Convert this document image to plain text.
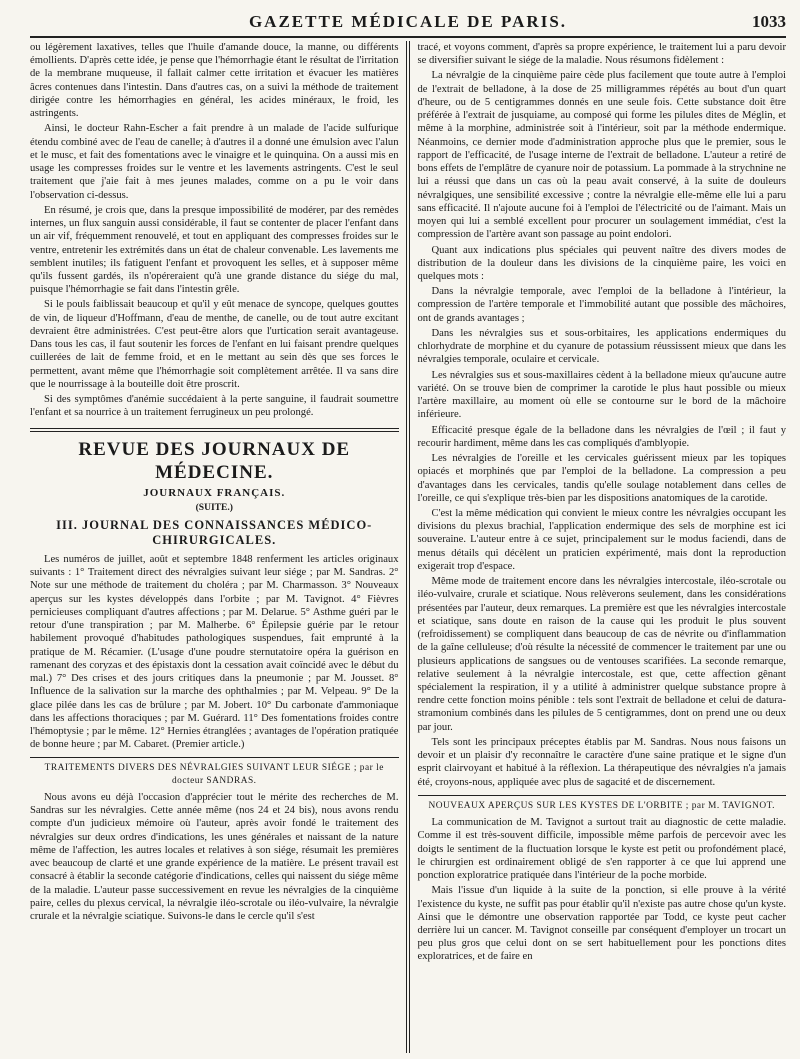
GAZETTE MÉDICALE DE PARIS.	1033

ou légèrement laxatives, telles que l'huile d'amande douce, la manne, ou différents émollients. D'après cette idée, je pense que l'hémorrhagie étant le résultat de l'irritation de la membrane muqueuse, il fallait calmer cette irritation et évacuer les matières âcres contenues dans l'intestin. Dans d'autres cas, on a suivi la méthode de traitement dirigée contre les hémorrhagies en général, les acides minéraux, le froid, les astringents.

Ainsi, le docteur Rahn-Escher a fait prendre à un malade de l'acide sulfurique étendu combiné avec de l'eau de canelle; à d'autres il a donné une émulsion avec l'alun et le musc, et fait des fomentations avec le vinaigre et le quinquina. On a aussi mis en usage les compresses froides sur le ventre et les lavements astringents. C'est le seul traitement que j'aie fait à mes jeunes malades, comme on a pu le voir dans l'observation ci-dessus.

En résumé, je crois que, dans la presque impossibilité de modérer, par des remèdes internes, un flux sanguin aussi considérable, il faut se contenter de placer l'enfant dans un air vif, fréquemment renouvelé, et tout en appliquant des compresses froides sur le ventre, entretenir les extrémités dans un état de chaleur convenable. Les lavements me semblent inutiles; ils fatiguent l'enfant et provoquent les selles, et à supposer même qu'ils fussent gardés, ils n'opéreraient qu'à une grande distance du siége du mal, puisque l'hémorrhagie se fait dans l'intestin grêle.

Si le pouls faiblissait beaucoup et qu'il y eût menace de syncope, quelques gouttes de vin, de liqueur d'Hoffmann, d'eau de menthe, de canelle, ou de tout autre excitant devraient être administrées. C'est peut-être alors que l'urtication serait avantageuse. Dans tous les cas, il faut soutenir les forces de l'enfant en lui faisant prendre quelques cuillerées de lait de femme froid, et en le mettant au sein dès que ses forces le permettent, avant même que l'hémorrhagie soit complètement arrêtée. Il va sans dire que le nourrissage à la bouteille doit être proscrit.

Si des symptômes d'anémie succédaient à la perte sanguine, il faudrait soumettre l'enfant et sa nourrice à un traitement ferrugineux un peu prolongé.

REVUE DES JOURNAUX DE MÉDECINE.
JOURNAUX FRANÇAIS.
(SUITE.)
III. JOURNAL DES CONNAISSANCES MÉDICO-CHIRURGICALES.

Les numéros de juillet, août et septembre 1848 renferment les articles originaux suivants : 1° Traitement direct des névralgies suivant leur siége ; par M. Sandras. 2° Note sur une méthode de traitement du choléra ; par M. Charmasson. 3° Nouveaux aperçus sur les kystes développés dans l'orbite ; par M. Tavignot. 4° Fièvres pernicieuses compliquant d'autres affections ; par M. Delarue. 5° Asthme guéri par le retour d'une transpiration ; par M. Malherbe. 6° Épilepsie guérie par le retour habilement provoqué d'habitudes pathologiques suspendues, fait emprunté à la pratique de M. Récamier. (L'usage d'une poudre sternutatoire opéra la guérison en ramenant des coryzas et des épistaxis dont la cessation avait coïncidé avec le début du mal.) 7° Des crises et des jours critiques dans la pneumonie ; par M. Jousset. 8° Influence de la salivation sur la marche des ophthalmies ; par M. Velpeau. 9° De la glace pilée dans les cas de brûlure ; par M. Jobert. 10° Du carbonate d'ammoniaque dans les affections thoraciques ; par M. Guérard. 11° Des fomentations froides contre l'hémoptysie ; par le même. 12° Hernies étranglées ; avantages de l'opération pratiquée de bonne heure ; par M. Cabaret. (Premier article.)

TRAITEMENTS DIVERS DES NÉVRALGIES SUIVANT LEUR SIÉGE ; par le docteur SANDRAS.

Nous avons eu déjà l'occasion d'apprécier tout le mérite des recherches de M. Sandras sur les névralgies. Cette année même (nos 24 et 24 bis), nous avons rendu compte d'un judicieux mémoire où l'auteur, après avoir fondé le traitement des névralgies sur deux ordres d'indications, les unes générales et naissant de la nature même de l'affection, les autres locales et relatives à son siége, résumait les premières avec beaucoup de clarté et une grande expérience de la matière. Le présent travail est consacré à établir la seconde catégorie d'indications, celles qui naissent du siége même de la maladie. L'auteur passe successivement en revue les névralgies de la cinquième paire, celles du plexus cervical, la névralgie iléo-scrotale ou iléo-vulvaire, la névralgie crurale et la névralgie sciatique. Suivons-le dans le cercle qu'il s'est

tracé, et voyons comment, d'après sa propre expérience, le traitement lui a paru devoir se diversifier suivant le siége de la maladie. Nous résumons fidèlement :

La névralgie de la cinquième paire cède plus facilement que toute autre à l'emploi de l'extrait de belladone, à la dose de 25 milligrammes répétés au bout d'un quart d'heure, ou de 5 centigrammes donnés en une seule fois. Cette substance doit être préférée à l'extrait de jusquiame, au composé qui forme les pilules dites de Méglin, et même à la morphine, administrée soit à l'intérieur, soit par la méthode endermique. Néanmoins, ce dernier mode d'administration approche plus que le premier, sous le rapport de l'efficacité, de l'usage interne de l'extrait de belladone. L'auteur a retiré de bons effets de l'emplâtre de cyanure noir de potassium. La pommade à la strychnine ne lui a réussi que dans un cas où la peau avait conservé, à la suite de douleurs névralgiques, une sensibilité excessive ; contre la névralgie elle-même elle lui a paru sans efficacité. Il n'ajoute aucune foi à l'emploi de l'électricité ou de l'aimant. Mais un moyen qui lui a semblé excellent pour procurer un soulagement immédiat, c'est la compression de l'artère avant son passage au point endolori.

Quant aux indications plus spéciales qui peuvent naître des divers modes de distribution de la douleur dans les divisions de la cinquième paire, les voici en quelques mots :

Dans la névralgie temporale, avec l'emploi de la belladone à l'intérieur, la compression de l'artère temporale et l'immobilité autant que possible des mâchoires, ont de grands avantages ;

Dans les névralgies sus et sous-orbitaires, les applications endermiques du chlorhydrate de morphine et du cyanure de potassium réussissent mieux que dans les névralgies temporale, oculaire et cervicale.

Les névralgies sus et sous-maxillaires cèdent à la belladone mieux qu'aucune autre variété. On se trouve bien de comprimer la carotide le plus haut possible ou mieux l'artère maxillaire, au moment où elle se contourne sur le bord de la mâchoire inférieure.

Efficacité presque égale de la belladone dans les névralgies de l'œil ; il faut y recourir hardiment, même dans les cas compliqués d'amblyopie.

Les névralgies de l'oreille et les cervicales guérissent mieux par les topiques opiacés et morphinés que par l'emploi de la belladone. La compression a peu d'avantages dans les cervicales, tandis qu'elle soulage notablement dans celles de l'oreille, ce qui s'explique très-bien par les dispositions anatomiques de la carotide.

C'est la même médication qui convient le mieux contre les névralgies occupant les divisions du plexus brachial, l'application endermique des sels de morphine est ici souveraine. L'auteur entre à ce sujet, principalement sur le modus faciendi, dans de menus détails qui décèlent un praticien expérimenté, mais dont la reproduction exigerait trop d'espace.

Même mode de traitement encore dans les névralgies intercostale, iléo-scrotale ou iléo-vulvaire, crurale et sciatique. Nous relèverons seulement, dans les considérations présentées par l'auteur, deux remarques. La première est que les névralgies intercostale et sciatique, sans doute en raison de la cause qui les produit le plus souvent (refroidissement) se compliquent dans beaucoup de cas de névrite ou d'inflammation de la gaîne celluleuse; d'où résulte la nécessité de commencer le traitement par une ou plusieurs applications de sangsues ou de ventouses scarifiées. La seconde remarque, relative seulement à la névralgie intercostale, est que, cette affection gênant spécialement la respiration, il y a utilité à administrer quelque substance propre à rendre cette fonction moins pénible : tels sont l'extrait de belladone et celui de datura-stramonium combinés dans les pilules de 5 centigrammes, dont on prend une ou deux par jour.

Tels sont les principaux préceptes établis par M. Sandras. Nous nous faisons un devoir et un plaisir d'y reconnaître le caractère d'une saine pratique et le signe d'un esprit clairvoyant et habitué à la réflexion. La thérapeutique des névralgies n'a jamais été, croyons-nous, appliquée avec plus de sagacité et de discernement.

NOUVEAUX APERÇUS SUR LES KYSTES DE L'ORBITE ; par M. TAVIGNOT.

La communication de M. Tavignot a surtout trait au diagnostic de cette maladie. Comme il est très-souvent difficile, impossible même parfois de percevoir avec les doigts le sentiment de la fluctuation lorsque le kyste est petit ou profondément placé, le chirurgien est ordinairement obligé de s'en rapporter à ce que lui apprend une ponction exploratrice pratiquée dans l'intérieur de la poche morbide.

Mais l'issue d'un liquide à la suite de la ponction, si elle prouve à la vérité l'existence du kyste, ne suffit pas pour établir qu'il n'existe pas autre chose qu'un kyste. Ainsi que le démontre une observation rapportée par Todd, ce kyste peut cacher derrière lui un cancer. M. Tavignot conseille par conséquent d'employer un trocart un peu plus gros que celui dont on se sert habituellement pour les ponctions dites exploratrices, et de faire en
